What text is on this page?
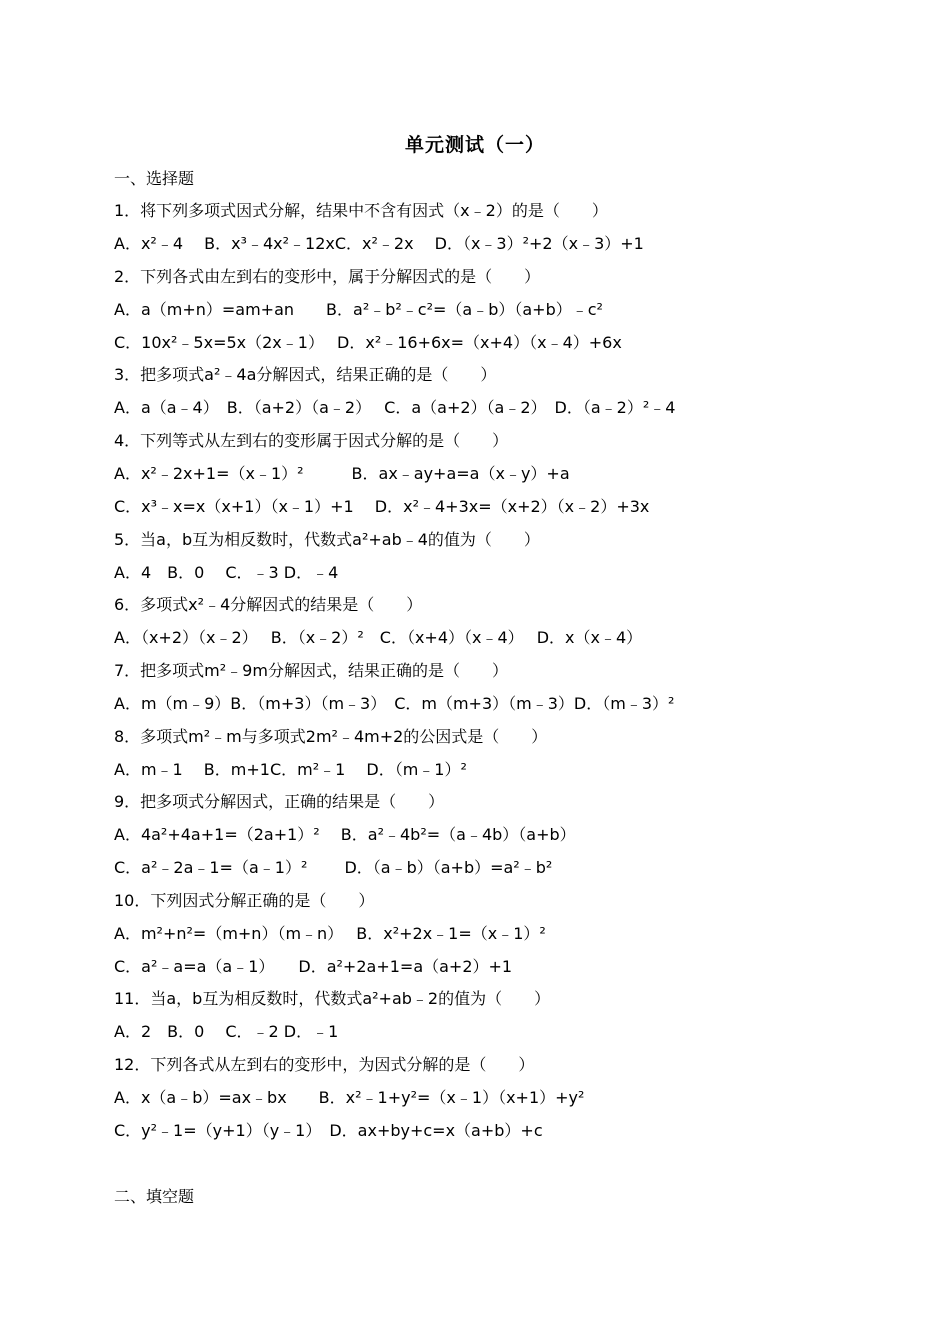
单元测试（一）
一、选择题
1．将下列多项式因式分解，结果中不含有因式（x﹣2）的是（　　）
A．x²﹣4　 B．x³﹣4x²﹣12xC．x²﹣2x　 D．（x﹣3）²+2（x﹣3）+1
2．下列各式由左到右的变形中，属于分解因式的是（　　）
A．a（m+n）=am+an　　B．a²﹣b²﹣c²=（a﹣b）（a+b）﹣c²
C．10x²﹣5x=5x（2x﹣1）　 D．x²﹣16+6x=（x+4）（x﹣4）+6x
3．把多项式a²﹣4a分解因式，结果正确的是（　　）
A．a（a﹣4）　B．（a+2）（a﹣2）　 C．a（a+2）（a﹣2）　D．（a﹣2）²﹣4
4．下列等式从左到右的变形属于因式分解的是（　　）
A．x²﹣2x+1=（x﹣1）²　　　B．ax﹣ay+a=a（x﹣y）+a
C．x³﹣x=x（x+1）（x﹣1）+1　 D．x²﹣4+3x=（x+2）（x﹣2）+3x
5．当a，b互为相反数时，代数式a²+ab﹣4的值为（　　）
A．4　B．0　 C．﹣3 D．﹣4
6．多项式x²﹣4分解因式的结果是（　　）
A．（x+2）（x﹣2）　 B．（x﹣2）²　C．（x+4）（x﹣4）　 D．x（x﹣4）
7．把多项式m²﹣9m分解因式，结果正确的是（　　）
A．m（m﹣9）B．（m+3）（m﹣3）　C．m（m+3）（m﹣3）D．（m﹣3）²
8．多项式m²﹣m与多项式2m²﹣4m+2的公因式是（　　）
A．m﹣1　 B．m+1C．m²﹣1　 D．（m﹣1）²
9．把多项式分解因式，正确的结果是（　　）
A．4a²+4a+1=（2a+1）²　 B．a²﹣4b²=（a﹣4b）（a+b）
C．a²﹣2a﹣1=（a﹣1）²　　 D．（a﹣b）（a+b）=a²﹣b²
10．下列因式分解正确的是（　　）
A．m²+n²=（m+n）（m﹣n）　 B．x²+2x﹣1=（x﹣1）²
C．a²﹣a=a（a﹣1）　　D．a²+2a+1=a（a+2）+1
11．当a，b互为相反数时，代数式a²+ab﹣2的值为（　　）
A．2　B．0　 C．﹣2 D．﹣1
12．下列各式从左到右的变形中，为因式分解的是（　　）
A．x（a﹣b）=ax﹣bx　　B．x²﹣1+y²=（x﹣1）（x+1）+y²
C．y²﹣1=（y+1）（y﹣1）　D．ax+by+c=x（a+b）+c
二、填空题
